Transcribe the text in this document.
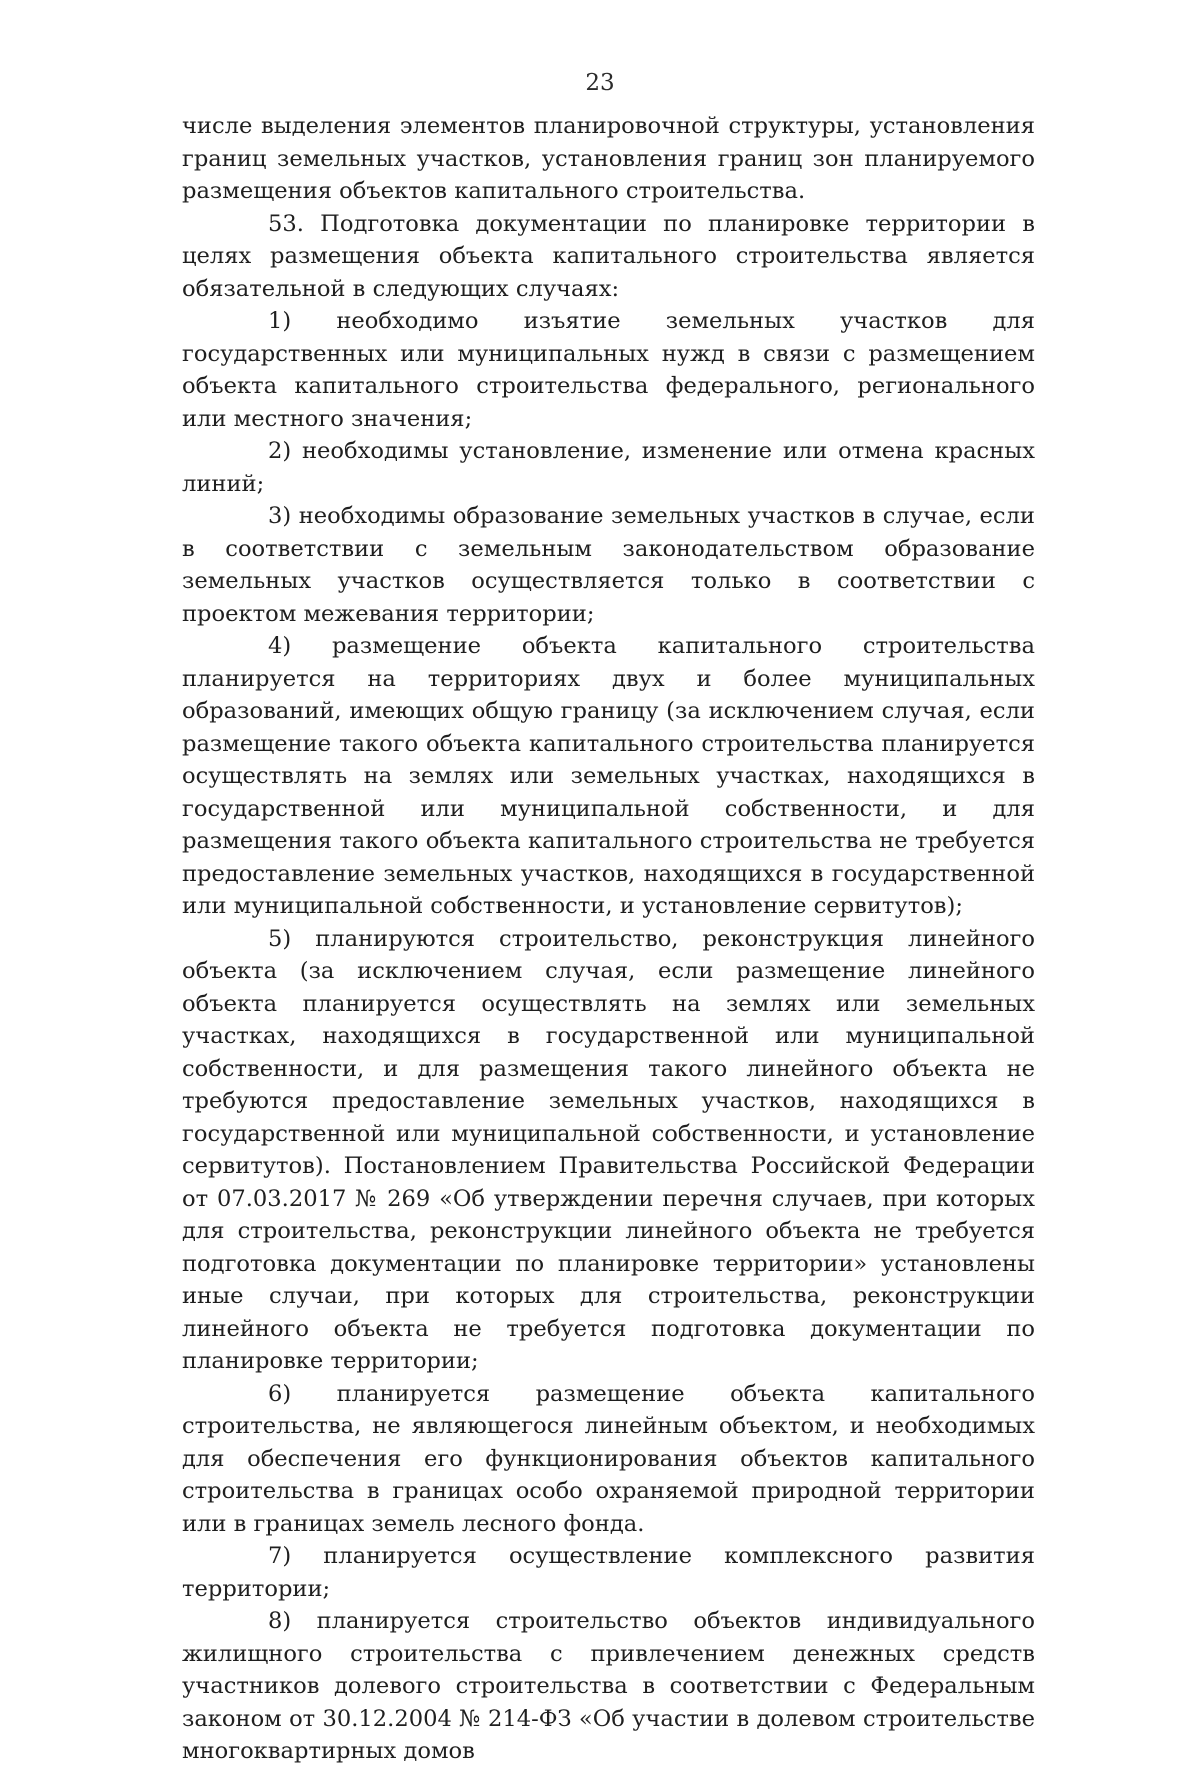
23

числе выделения элементов планировочной структуры, установления границ земельных участков, установления границ зон планируемого размещения объектов капитального строительства.

53. Подготовка документации по планировке территории в целях размещения объекта капитального строительства является обязательной в следующих случаях:

1) необходимо изъятие земельных участков для государственных или муниципальных нужд в связи с размещением объекта капитального строительства федерального, регионального или местного значения;

2) необходимы установление, изменение или отмена красных линий;

3) необходимы образование земельных участков в случае, если в соответствии с земельным законодательством образование земельных участков осуществляется только в соответствии с проектом межевания территории;

4) размещение объекта капитального строительства планируется на территориях двух и более муниципальных образований, имеющих общую границу (за исключением случая, если размещение такого объекта капитального строительства планируется осуществлять на землях или земельных участках, находящихся в государственной или муниципальной собственности, и для размещения такого объекта капитального строительства не требуется предоставление земельных участков, находящихся в государственной или муниципальной собственности, и установление сервитутов);

5) планируются строительство, реконструкция линейного объекта (за исключением случая, если размещение линейного объекта планируется осуществлять на землях или земельных участках, находящихся в государственной или муниципальной собственности, и для размещения такого линейного объекта не требуются предоставление земельных участков, находящихся в государственной или муниципальной собственности, и установление сервитутов). Постановлением Правительства Российской Федерации от 07.03.2017 № 269 «Об утверждении перечня случаев, при которых для строительства, реконструкции линейного объекта не требуется подготовка документации по планировке территории» установлены иные случаи, при которых для строительства, реконструкции линейного объекта не требуется подготовка документации по планировке территории;

6) планируется размещение объекта капитального строительства, не являющегося линейным объектом, и необходимых для обеспечения его функционирования объектов капитального строительства в границах особо охраняемой природной территории или в границах земель лесного фонда.

7) планируется осуществление комплексного развития территории;

8) планируется строительство объектов индивидуального жилищного строительства с привлечением денежных средств участников долевого строительства в соответствии с Федеральным законом от 30.12.2004 № 214-ФЗ «Об участии в долевом строительстве многоквартирных домов
